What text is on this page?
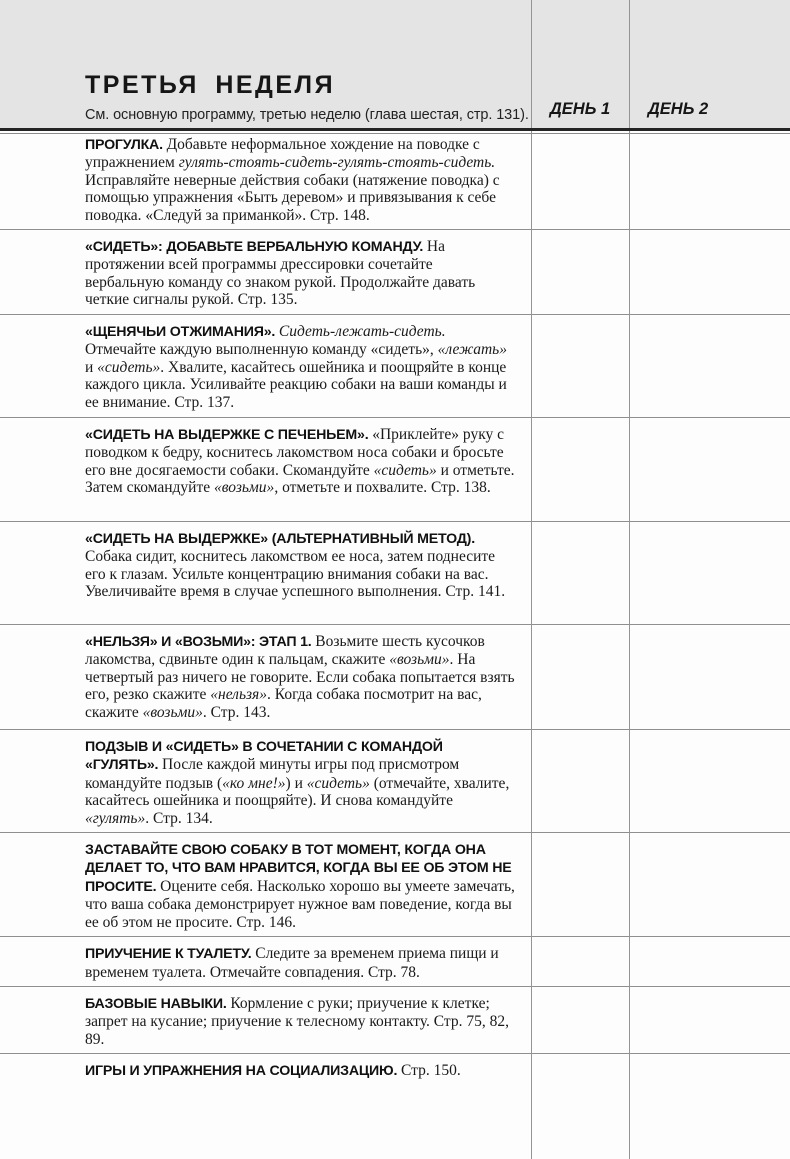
ТРЕТЬЯ НЕДЕЛЯ
См. основную программу, третью неделю (глава шестая, стр. 131).	ДЕНЬ 1	ДЕНЬ 2
ПРОГУЛКА. Добавьте неформальное хождение на поводке с упражнением гулять-стоять-сидеть-гулять-стоять-сидеть. Исправляйте неверные действия собаки (натяжение поводка) с помощью упражнения «Быть деревом» и привязывания к себе поводка. «Следуй за приманкой». Стр. 148.
«СИДЕТЬ»: ДОБАВЬТЕ ВЕРБАЛЬНУЮ КОМАНДУ. На протяжении всей программы дрессировки сочетайте вербальную команду со знаком рукой. Продолжайте давать четкие сигналы рукой. Стр. 135.
«ЩЕНЯЧЬИ ОТЖИМАНИЯ». Сидеть-лежать-сидеть. Отмечайте каждую выполненную команду «сидеть», «лежать» и «сидеть». Хвалите, касайтесь ошейника и поощряйте в конце каждого цикла. Усиливайте реакцию собаки на ваши команды и ее внимание. Стр. 137.
«СИДЕТЬ НА ВЫДЕРЖКЕ С ПЕЧЕНЬЕМ». «Приклейте» руку с поводком к бедру, коснитесь лакомством носа собаки и бросьте его вне досягаемости собаки. Скомандуйте «сидеть» и отметьте. Затем скомандуйте «возьми», отметьте и похвалите. Стр. 138.
«СИДЕТЬ НА ВЫДЕРЖКЕ» (АЛЬТЕРНАТИВНЫЙ МЕТОД). Собака сидит, коснитесь лакомством ее носа, затем поднесите его к глазам. Усильте концентрацию внимания собаки на вас. Увеличивайте время в случае успешного выполнения. Стр. 141.
«НЕЛЬЗЯ» И «ВОЗЬМИ»: ЭТАП 1. Возьмите шесть кусочков лакомства, сдвиньте один к пальцам, скажите «возьми». На четвертый раз ничего не говорите. Если собака попытается взять его, резко скажите «нельзя». Когда собака посмотрит на вас, скажите «возьми». Стр. 143.
ПОДЗЫВ И «СИДЕТЬ» В СОЧЕТАНИИ С КОМАНДОЙ «ГУЛЯТЬ». После каждой минуты игры под присмотром командуйте подзыв («ко мне!») и «сидеть» (отмечайте, хвалите, касайтесь ошейника и поощряйте). И снова командуйте «гулять». Стр. 134.
ЗАСТАВАЙТЕ СВОЮ СОБАКУ В ТОТ МОМЕНТ, КОГДА ОНА ДЕЛАЕТ ТО, ЧТО ВАМ НРАВИТСЯ, КОГДА ВЫ ЕЕ ОБ ЭТОМ НЕ ПРОСИТЕ. Оцените себя. Насколько хорошо вы умеете замечать, что ваша собака демонстрирует нужное вам поведение, когда вы ее об этом не просите. Стр. 146.
ПРИУЧЕНИЕ К ТУАЛЕТУ. Следите за временем приема пищи и временем туалета. Отмечайте совпадения. Стр. 78.
БАЗОВЫЕ НАВЫКИ. Кормление с руки; приучение к клетке; запрет на кусание; приучение к телесному контакту. Стр. 75, 82, 89.
ИГРЫ И УПРАЖНЕНИЯ НА СОЦИАЛИЗАЦИЮ. Стр. 150.
